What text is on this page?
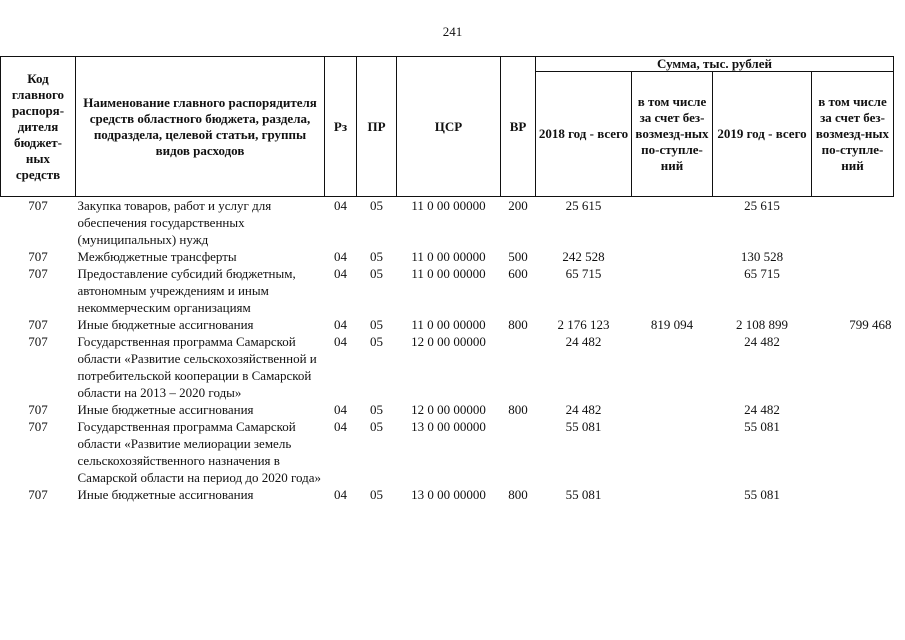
241
Код главного распоря-дителя бюджет-ных средств	Наименование главного распорядителя средств областного бюджета, раздела, подраздела, целевой статьи, группы видов расходов	Рз	ПР	ЦСР	ВР	Сумма, тыс. рублей			
						2018 год - всего	в том числе за счет без-возмезд-ных по-ступле-ний	2019 год - всего	в том числе за счет без-возмезд-ных по-ступле-ний
707	Закупка товаров, работ и услуг для обеспечения государственных (муниципальных) нужд	04	05	11 0 00 00000	200	25 615		25 615	
707	Межбюджетные трансферты	04	05	11 0 00 00000	500	242 528		130 528	
707	Предоставление субсидий бюджетным, автономным учреждениям и иным некоммерческим организациям	04	05	11 0 00 00000	600	65 715		65 715	
707	Иные бюджетные ассигнования	04	05	11 0 00 00000	800	2 176 123	819 094	2 108 899	799 468
707	Государственная программа Самарской области «Развитие сельскохозяйственной и потребительской кооперации в Самарской области на 2013 – 2020 годы»	04	05	12 0 00 00000		24 482		24 482	
707	Иные бюджетные ассигнования	04	05	12 0 00 00000	800	24 482		24 482	
707	Государственная программа Самарской области «Развитие мелиорации земель сельскохозяйственного назначения в Самарской области на период до 2020 года»	04	05	13 0 00 00000		55 081		55 081	
707	Иные бюджетные ассигнования	04	05	13 0 00 00000	800	55 081		55 081	
